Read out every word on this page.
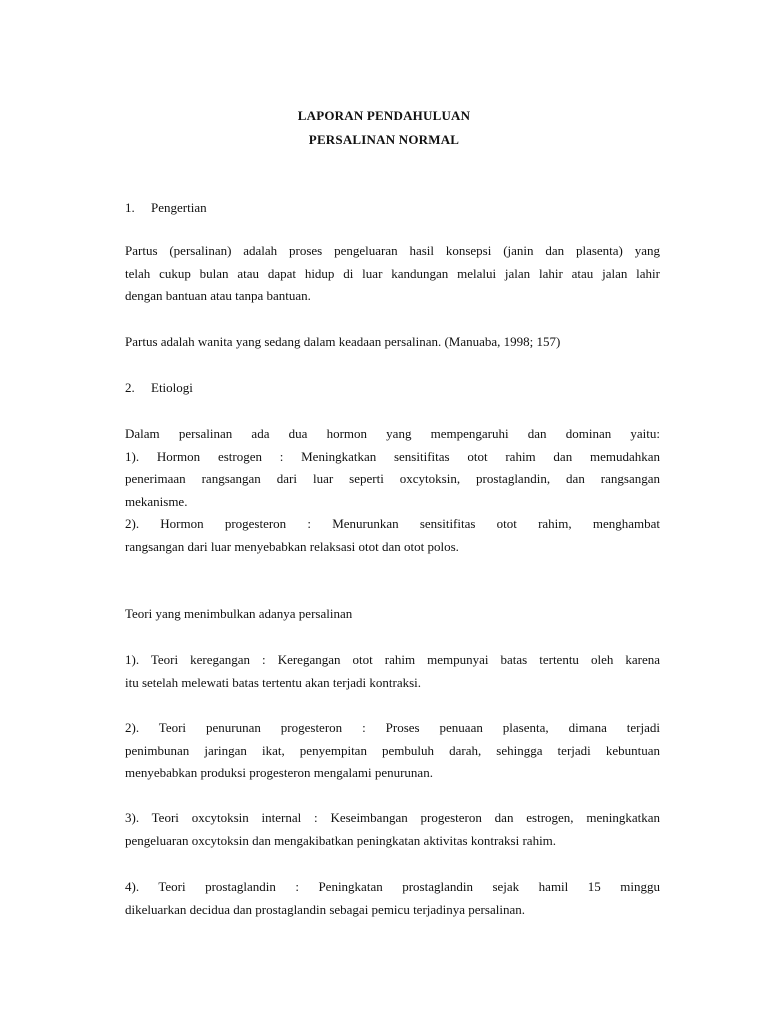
LAPORAN PENDAHULUAN
PERSALINAN NORMAL
1. Pengertian

Partus (persalinan) adalah proses pengeluaran hasil konsepsi (janin dan plasenta) yang
telah cukup bulan atau dapat hidup di luar kandungan melalui jalan lahir atau jalan lahir
dengan bantuan atau tanpa bantuan.

Partus adalah wanita yang sedang dalam keadaan persalinan. (Manuaba, 1998; 157)

2. Etiologi

Dalam persalinan ada dua hormon yang mempengaruhi dan dominan yaitu:
1). Hormon estrogen : Meningkatkan sensitifitas otot rahim dan memudahkan
penerimaan rangsangan dari luar seperti oxcytoksin, prostaglandin, dan rangsangan
mekanisme.
2). Hormon progesteron : Menurunkan sensitifitas otot rahim, menghambat
rangsangan dari luar menyebabkan relaksasi otot dan otot polos.

Teori yang menimbulkan adanya persalinan

1). Teori keregangan : Keregangan otot rahim mempunyai batas tertentu oleh karena
itu setelah melewati batas tertentu akan terjadi kontraksi.

2). Teori penurunan progesteron : Proses penuaan plasenta, dimana terjadi
penimbunan jaringan ikat, penyempitan pembuluh darah, sehingga terjadi kebuntuan
menyebabkan produksi progesteron mengalami penurunan.

3). Teori oxcytoksin internal : Keseimbangan progesteron dan estrogen, meningkatkan
pengeluaran oxcytoksin dan mengakibatkan peningkatan aktivitas kontraksi rahim.

4). Teori prostaglandin : Peningkatan prostaglandin sejak hamil 15 minggu
dikeluarkan decidua dan prostaglandin sebagai pemicu terjadinya persalinan.
